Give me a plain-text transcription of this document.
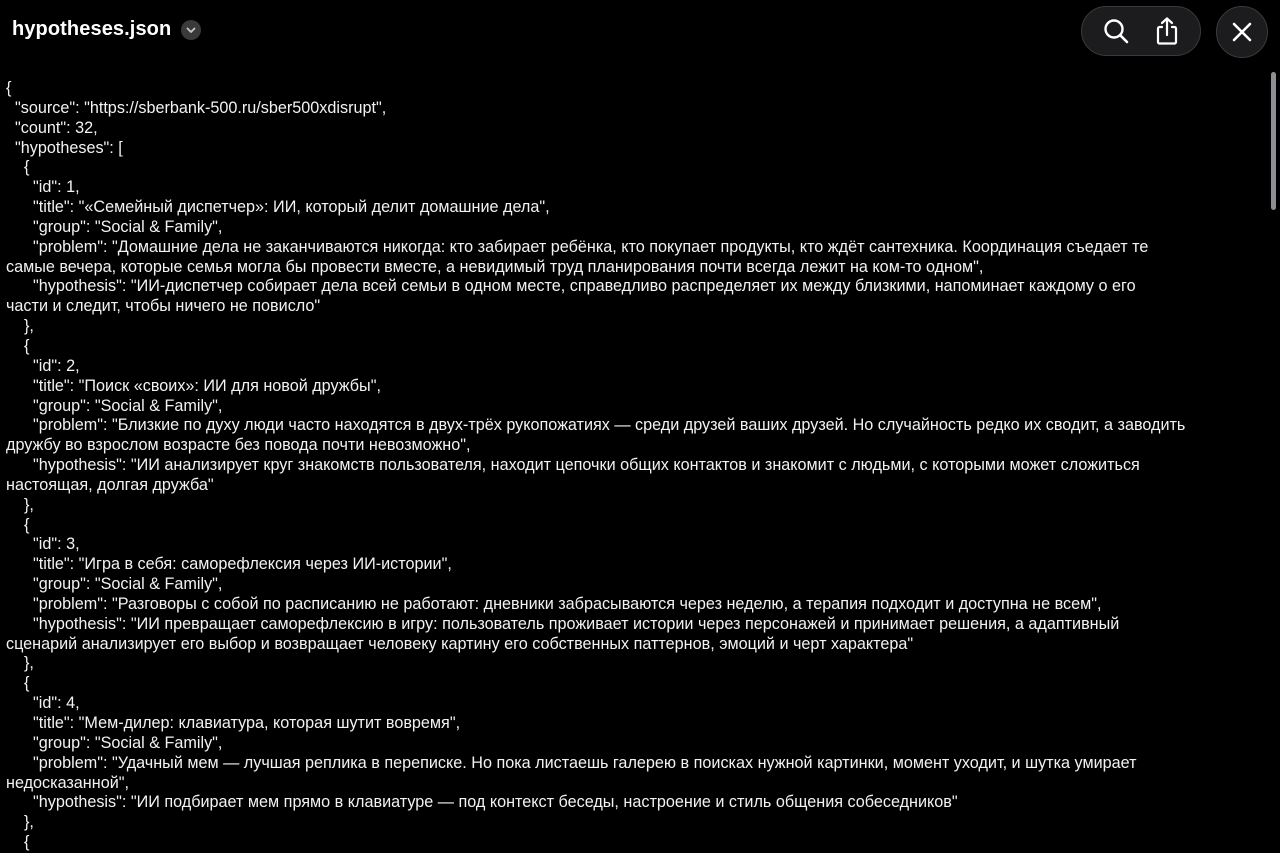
hypotheses.json
{
"source": "https://sberbank-500.ru/sber500xdisrupt",
"count": 32,
"hypotheses": [
{
"id": 1,
"title": "«Семейный диспетчер»: ИИ, который делит домашние дела",
"group": "Social & Family",
"problem": "Домашние дела не заканчиваются никогда: кто забирает ребёнка, кто покупает продукты, кто ждёт сантехника. Координация съедает те
самые вечера, которые семья могла бы провести вместе, а невидимый труд планирования почти всегда лежит на ком-то одном",
"hypothesis": "ИИ-диспетчер собирает дела всей семьи в одном месте, справедливо распределяет их между близкими, напоминает каждому о его
части и следит, чтобы ничего не повисло"
},
{
"id": 2,
"title": "Поиск «своих»: ИИ для новой дружбы",
"group": "Social & Family",
"problem": "Близкие по духу люди часто находятся в двух-трёх рукопожатиях — среди друзей ваших друзей. Но случайность редко их сводит, а заводить
дружбу во взрослом возрасте без повода почти невозможно",
"hypothesis": "ИИ анализирует круг знакомств пользователя, находит цепочки общих контактов и знакомит с людьми, с которыми может сложиться
настоящая, долгая дружба"
},
{
"id": 3,
"title": "Игра в себя: саморефлексия через ИИ-истории",
"group": "Social & Family",
"problem": "Разговоры с собой по расписанию не работают: дневники забрасываются через неделю, а терапия подходит и доступна не всем",
"hypothesis": "ИИ превращает саморефлексию в игру: пользователь проживает истории через персонажей и принимает решения, а адаптивный
сценарий анализирует его выбор и возвращает человеку картину его собственных паттернов, эмоций и черт характера"
},
{
"id": 4,
"title": "Мем-дилер: клавиатура, которая шутит вовремя",
"group": "Social & Family",
"problem": "Удачный мем — лучшая реплика в переписке. Но пока листаешь галерею в поисках нужной картинки, момент уходит, и шутка умирает
недосказанной",
"hypothesis": "ИИ подбирает мем прямо в клавиатуре — под контекст беседы, настроение и стиль общения собеседников"
},
{
